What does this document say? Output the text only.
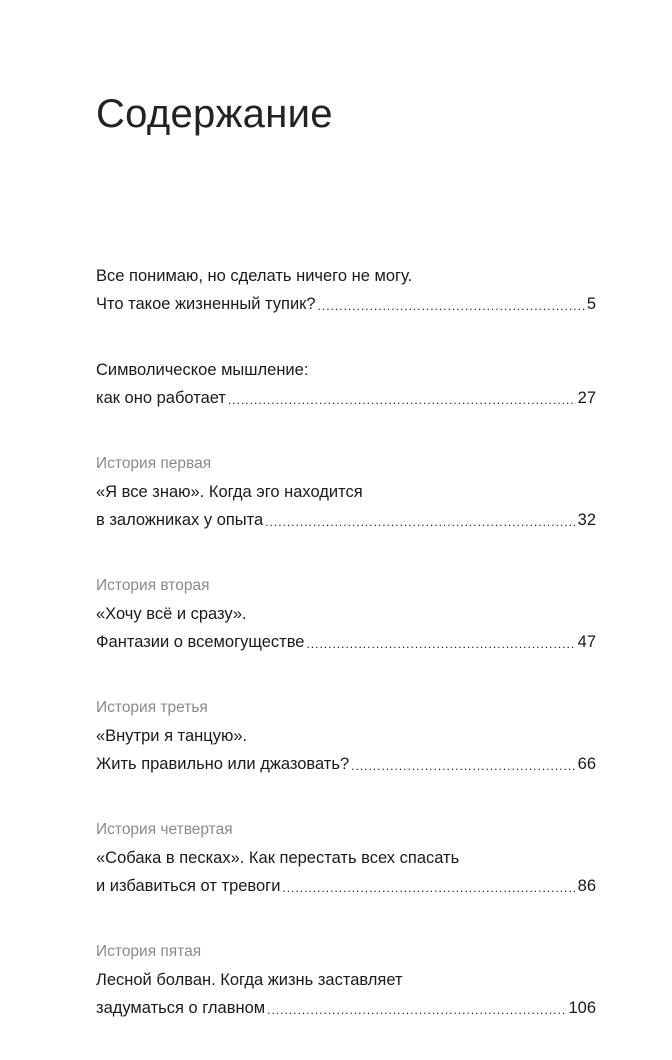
Содержание
Все понимаю, но сделать ничего не могу.
Что такое жизненный тупик? .....	5
Символическое мышление:
как оно работает .....	27
История первая
«Я все знаю». Когда эго находится
в заложниках у опыта .....	32
История вторая
«Хочу всё и сразу».
Фантазии о всемогуществе .....	47
История третья
«Внутри я танцую».
Жить правильно или джазовать? .....	66
История четвертая
«Собака в песках». Как перестать всех спасать
и избавиться от тревоги .....	86
История пятая
Лесной болван. Когда жизнь заставляет
задуматься о главном .....	106
